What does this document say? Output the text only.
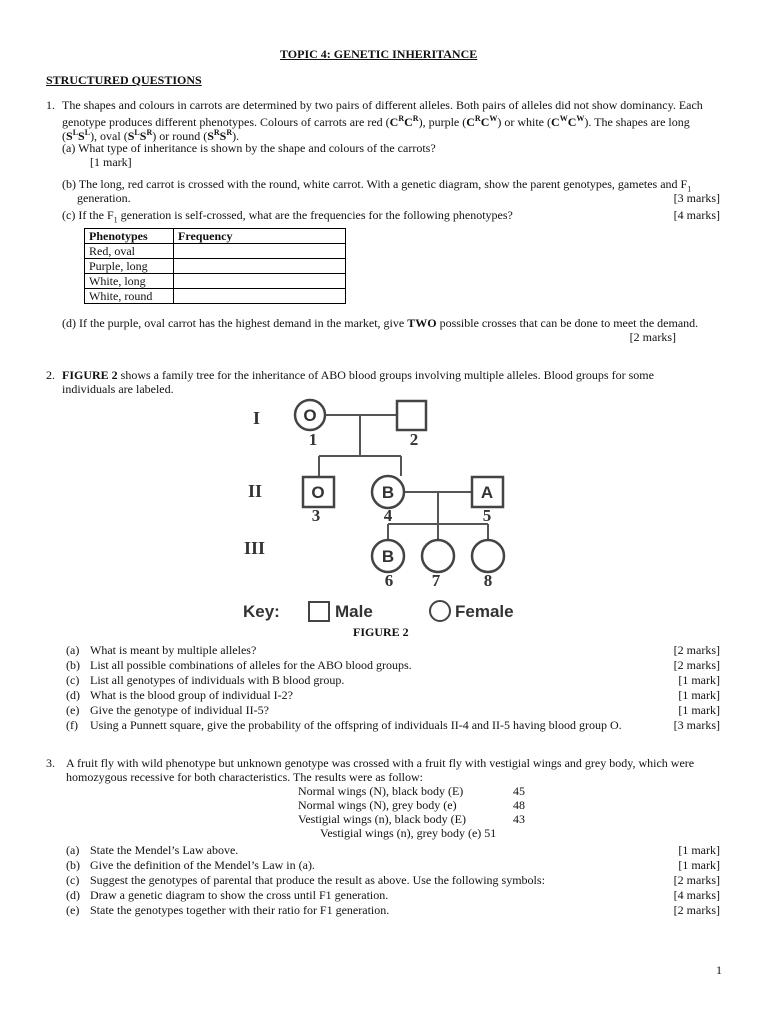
TOPIC 4: GENETIC INHERITANCE
STRUCTURED QUESTIONS
1. The shapes and colours in carrots are determined by two pairs of different alleles. Both pairs of alleles did not show dominancy. Each
genotype produces different phenotypes. Colours of carrots are red $(C^RC^R)$, purple $(C^RC^W)$ or white $(C^WC^W)$. The shapes are long
$(S^LS^L)$, oval $(S^LS^R)$ or round $(S^RS^R)$.
(a) What type of inheritance is shown by the shape and colours of the carrots?
[1 mark]
(b) The long, red carrot is crossed with the round, white carrot. With a genetic diagram, show the parent genotypes, gametes and $F_1$
generation.	[3 marks]
(c) If the $F_1$ generation is self-crossed, what are the frequencies for the following phenotypes?	[4 marks]
Phenotypes	Frequency
Red, oval	
Purple, long	
White, long	
White, round	
(d) If the purple, oval carrot has the highest demand in the market, give TWO possible crosses that can be done to meet the demand.
[2 marks]
2. FIGURE 2 shows a family tree for the inheritance of ABO blood groups involving multiple alleles. Blood groups for some
individuals are labeled.
I
II
III
O
O	B	A
B
1	2
3	4	5
6 7	8
Key:	Male	Female
FIGURE 2
(a) What is meant by multiple alleles?	[2 marks]
(b) List all possible combinations of alleles for the ABO blood groups.	[2 marks]
(c) List all genotypes of individuals with B blood group.	[1 mark]
(d) What is the blood group of individual I-2?	[1 mark]
(e) Give the genotype of individual II-5?	[1 mark]
(f) Using a Punnett square, give the probability of the offspring of individuals II-4 and II-5 having blood group O.	[3 marks]
3. A fruit fly with wild phenotype but unknown genotype was crossed with a fruit fly with vestigial wings and grey body, which were
homozygous recessive for both characteristics. The results were as follow:
Normal wings (N), black body (E)	45
Normal wings (N), grey body (e)	48
Vestigial wings (n), black body (E)	43
Vestigial wings (n), grey body (e) 51
(a) State the Mendel’s Law above.	[1 mark]
(b) Give the definition of the Mendel’s Law in (a).	[1 mark]
(c) Suggest the genotypes of parental that produce the result as above. Use the following symbols:	[2 marks]
(d) Draw a genetic diagram to show the cross until F1 generation.	[4 marks]
(e) State the genotypes together with their ratio for F1 generation.	[2 marks]
1
